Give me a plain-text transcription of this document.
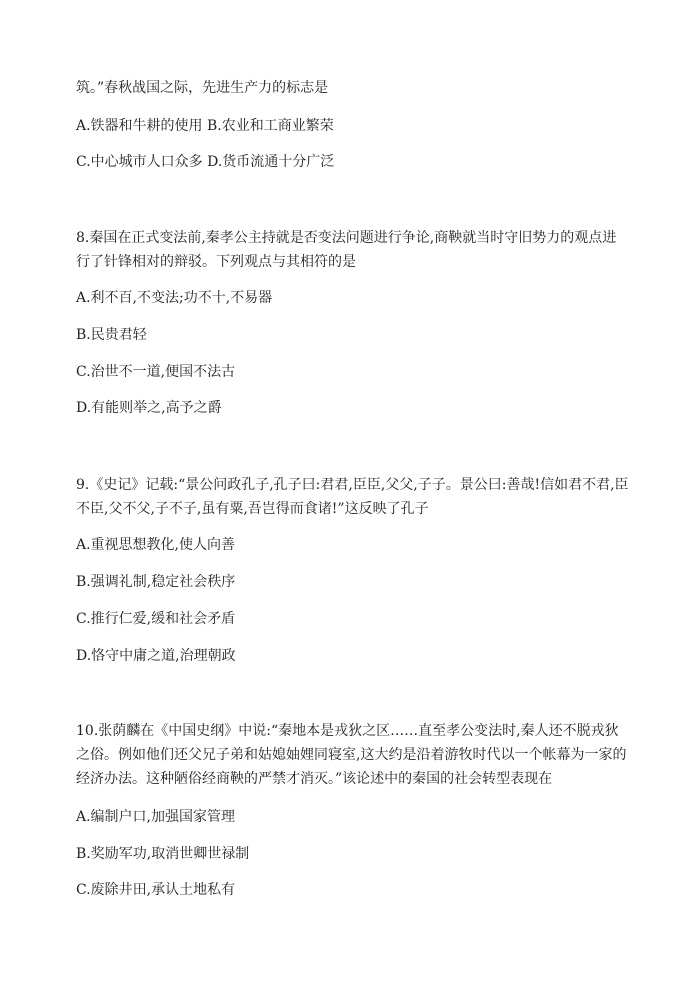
筑。”春秋战国之际，先进生产力的标志是
A.铁器和牛耕的使用 B.农业和工商业繁荣
C.中心城市人口众多 D.货币流通十分广泛
8.秦国在正式变法前,秦孝公主持就是否变法问题进行争论,商鞅就当时守旧势力的观点进
行了针锋相对的辩驳。下列观点与其相符的是
A.利不百,不变法;功不十,不易器
B.民贵君轻
C.治世不一道,便国不法古
D.有能则举之,高予之爵
9.《史记》记载:“景公问政孔子,孔子曰:君君,臣臣,父父,子子。景公曰:善哉!信如君不君,臣
不臣,父不父,子不子,虽有粟,吾岂得而食诸!”这反映了孔子
A.重视思想教化,使人向善
B.强调礼制,稳定社会秩序
C.推行仁爱,缓和社会矛盾
D.恪守中庸之道,治理朝政
10.张荫麟在《中国史纲》中说:“秦地本是戎狄之区……直至孝公变法时,秦人还不脱戎狄
之俗。例如他们还父兄子弟和姑媳妯娌同寝室,这大约是沿着游牧时代以一个帐幕为一家的
经济办法。这种陋俗经商鞅的严禁才消灭。”该论述中的秦国的社会转型表现在
A.编制户口,加强国家管理
B.奖励军功,取消世卿世禄制
C.废除井田,承认土地私有
